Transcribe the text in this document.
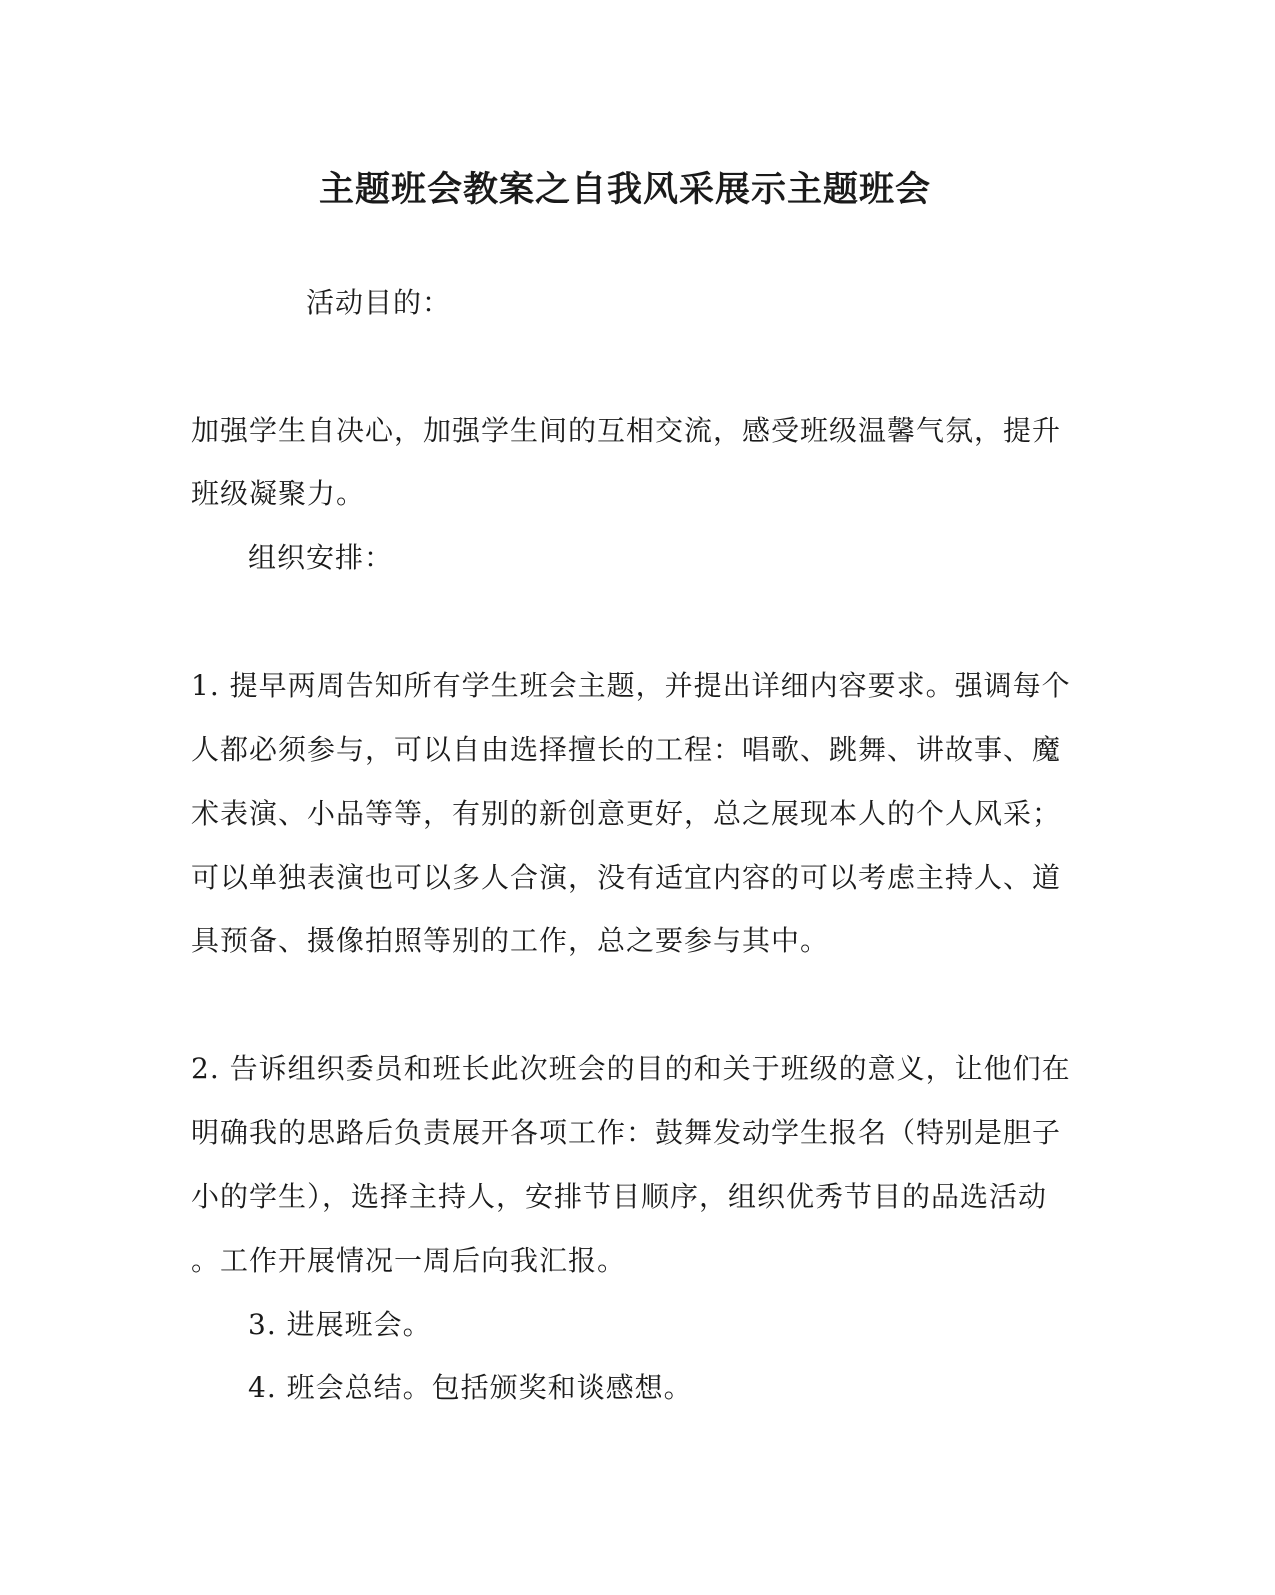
主题班会教案之自我风采展示主题班会
活动目的：
加强学生自决心，加强学生间的互相交流，感受班级温馨气氛，提升
班级凝聚力。
组织安排：
1. 提早两周告知所有学生班会主题，并提出详细内容要求。强调每个
人都必须参与，可以自由选择擅长的工程：唱歌、跳舞、讲故事、魔
术表演、小品等等，有别的新创意更好，总之展现本人的个人风采；
可以单独表演也可以多人合演，没有适宜内容的可以考虑主持人、道
具预备、摄像拍照等别的工作，总之要参与其中。
2. 告诉组织委员和班长此次班会的目的和关于班级的意义，让他们在
明确我的思路后负责展开各项工作：鼓舞发动学生报名（特别是胆子
小的学生），选择主持人，安排节目顺序，组织优秀节目的品选活动
。工作开展情况一周后向我汇报。
3. 进展班会。
4. 班会总结。包括颁奖和谈感想。
